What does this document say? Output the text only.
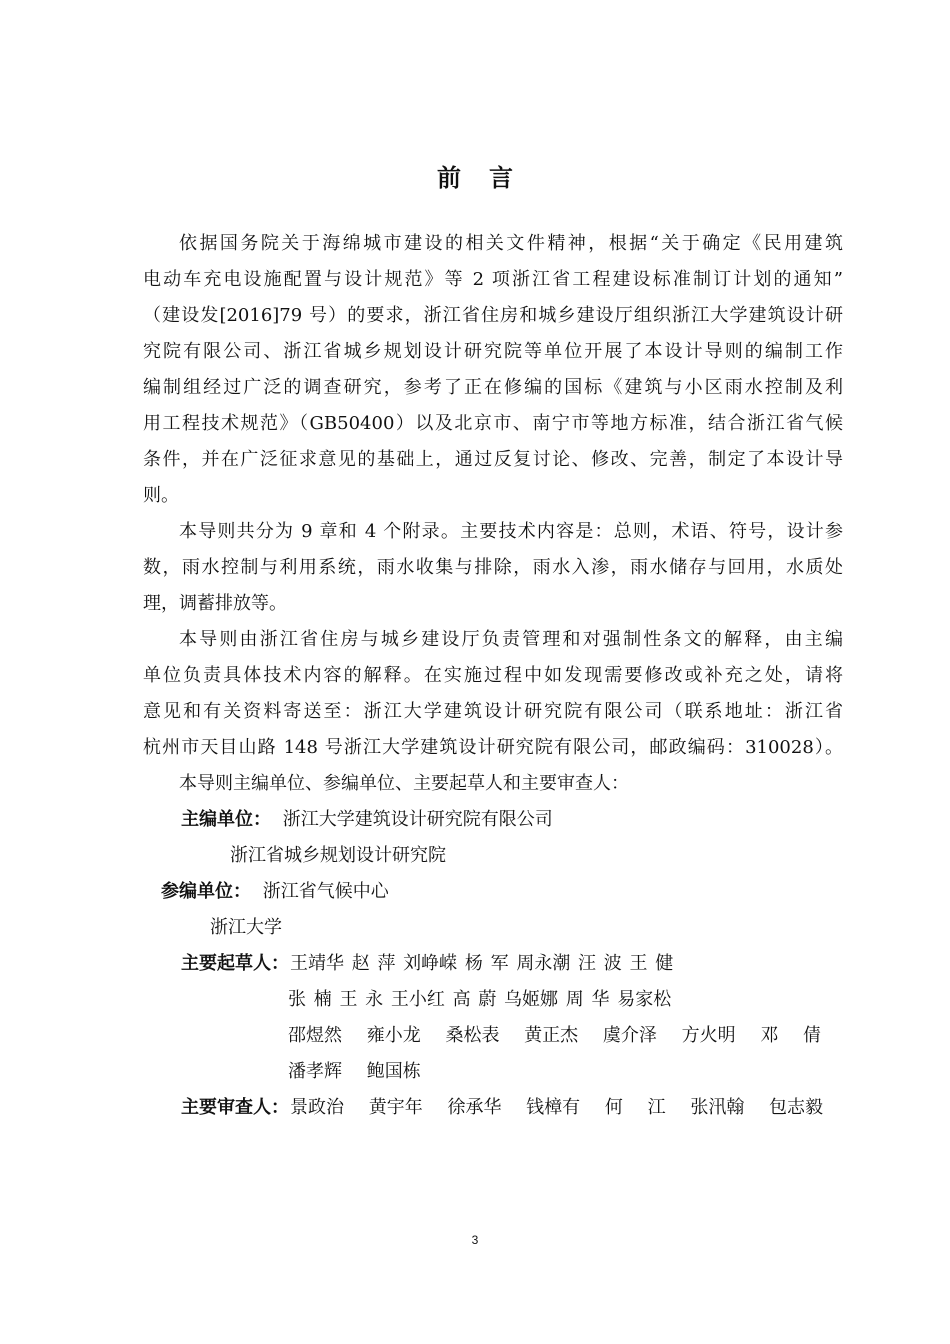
前言
依据国务院关于海绵城市建设的相关文件精神，根据“关于确定《民用建筑
电动车充电设施配置与设计规范》等 2 项浙江省工程建设标准制订计划的通知”
（建设发[2016]79 号）的要求，浙江省住房和城乡建设厅组织浙江大学建筑设计研
究院有限公司、浙江省城乡规划设计研究院等单位开展了本设计导则的编制工作
编制组经过广泛的调查研究，参考了正在修编的国标《建筑与小区雨水控制及利
用工程技术规范》（GB50400）以及北京市、南宁市等地方标准，结合浙江省气候
条件，并在广泛征求意见的基础上，通过反复讨论、修改、完善，制定了本设计导
则。
本导则共分为 9 章和 4 个附录。主要技术内容是：总则，术语、符号，设计参
数，雨水控制与利用系统，雨水收集与排除，雨水入渗，雨水储存与回用，水质处
理，调蓄排放等。
本导则由浙江省住房与城乡建设厅负责管理和对强制性条文的解释，由主编
单位负责具体技术内容的解释。在实施过程中如发现需要修改或补充之处，请将
意见和有关资料寄送至：浙江大学建筑设计研究院有限公司（联系地址：浙江省
杭州市天目山路 148 号浙江大学建筑设计研究院有限公司，邮政编码：310028）。
本导则主编单位、参编单位、主要起草人和主要审查人：
主编单位： 浙江大学建筑设计研究院有限公司
浙江省城乡规划设计研究院
参编单位： 浙江省气候中心
浙江大学
主要起草人： 王靖华 赵 萍 刘峥嵘 杨 军 周永潮 汪 波 王 健
张 楠 王 永 王小红 高 蔚 乌姬娜 周 华 易家松
邵煜然 雍小龙 桑松表 黄正杰 虞介泽 方火明 邓 倩
潘孝辉 鲍国栋
主要审查人： 景政治 黄宇年 徐承华 钱樟有 何 江 张汛翰 包志毅
3
